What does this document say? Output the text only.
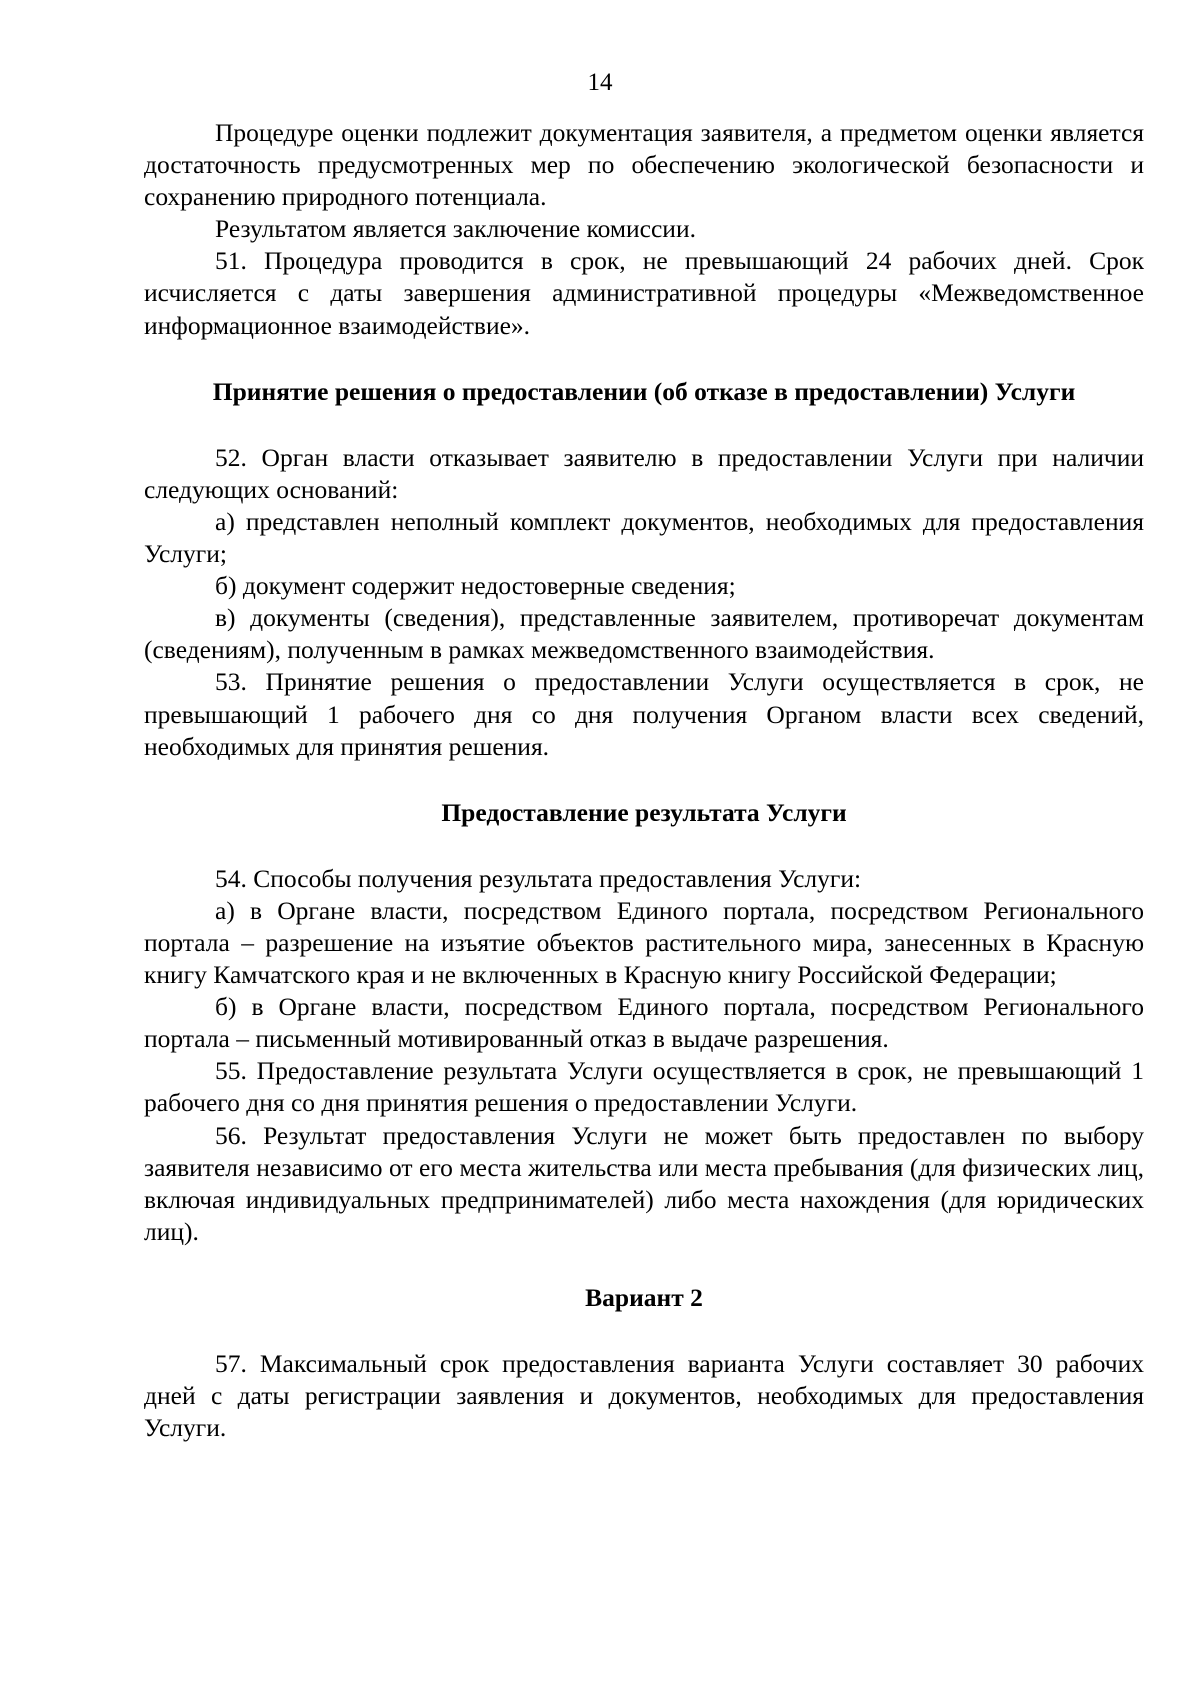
14

Процедуре оценки подлежит документация заявителя, а предметом оценки является достаточность предусмотренных мер по обеспечению экологической безопасности и сохранению природного потенциала.

Результатом является заключение комиссии.

51. Процедура проводится в срок, не превышающий 24 рабочих дней. Срок исчисляется с даты завершения административной процедуры «Межведомственное информационное взаимодействие».

Принятие решения о предоставлении (об отказе в предоставлении) Услуги

52. Орган власти отказывает заявителю в предоставлении Услуги при наличии следующих оснований:

а) представлен неполный комплект документов, необходимых для предоставления Услуги;

б) документ содержит недостоверные сведения;

в) документы (сведения), представленные заявителем, противоречат документам (сведениям), полученным в рамках межведомственного взаимодействия.

53. Принятие решения о предоставлении Услуги осуществляется в срок, не превышающий 1 рабочего дня со дня получения Органом власти всех сведений, необходимых для принятия решения.

Предоставление результата Услуги

54. Способы получения результата предоставления Услуги:

а) в Органе власти, посредством Единого портала, посредством Регионального портала – разрешение на изъятие объектов растительного мира, занесенных в Красную книгу Камчатского края и не включенных в Красную книгу Российской Федерации;

б) в Органе власти, посредством Единого портала, посредством Регионального портала – письменный мотивированный отказ в выдаче разрешения.

55. Предоставление результата Услуги осуществляется в срок, не превышающий 1 рабочего дня со дня принятия решения о предоставлении Услуги.

56. Результат предоставления Услуги не может быть предоставлен по выбору заявителя независимо от его места жительства или места пребывания (для физических лиц, включая индивидуальных предпринимателей) либо места нахождения (для юридических лиц).

Вариант 2

57. Максимальный срок предоставления варианта Услуги составляет 30 рабочих дней с даты регистрации заявления и документов, необходимых для предоставления Услуги.
